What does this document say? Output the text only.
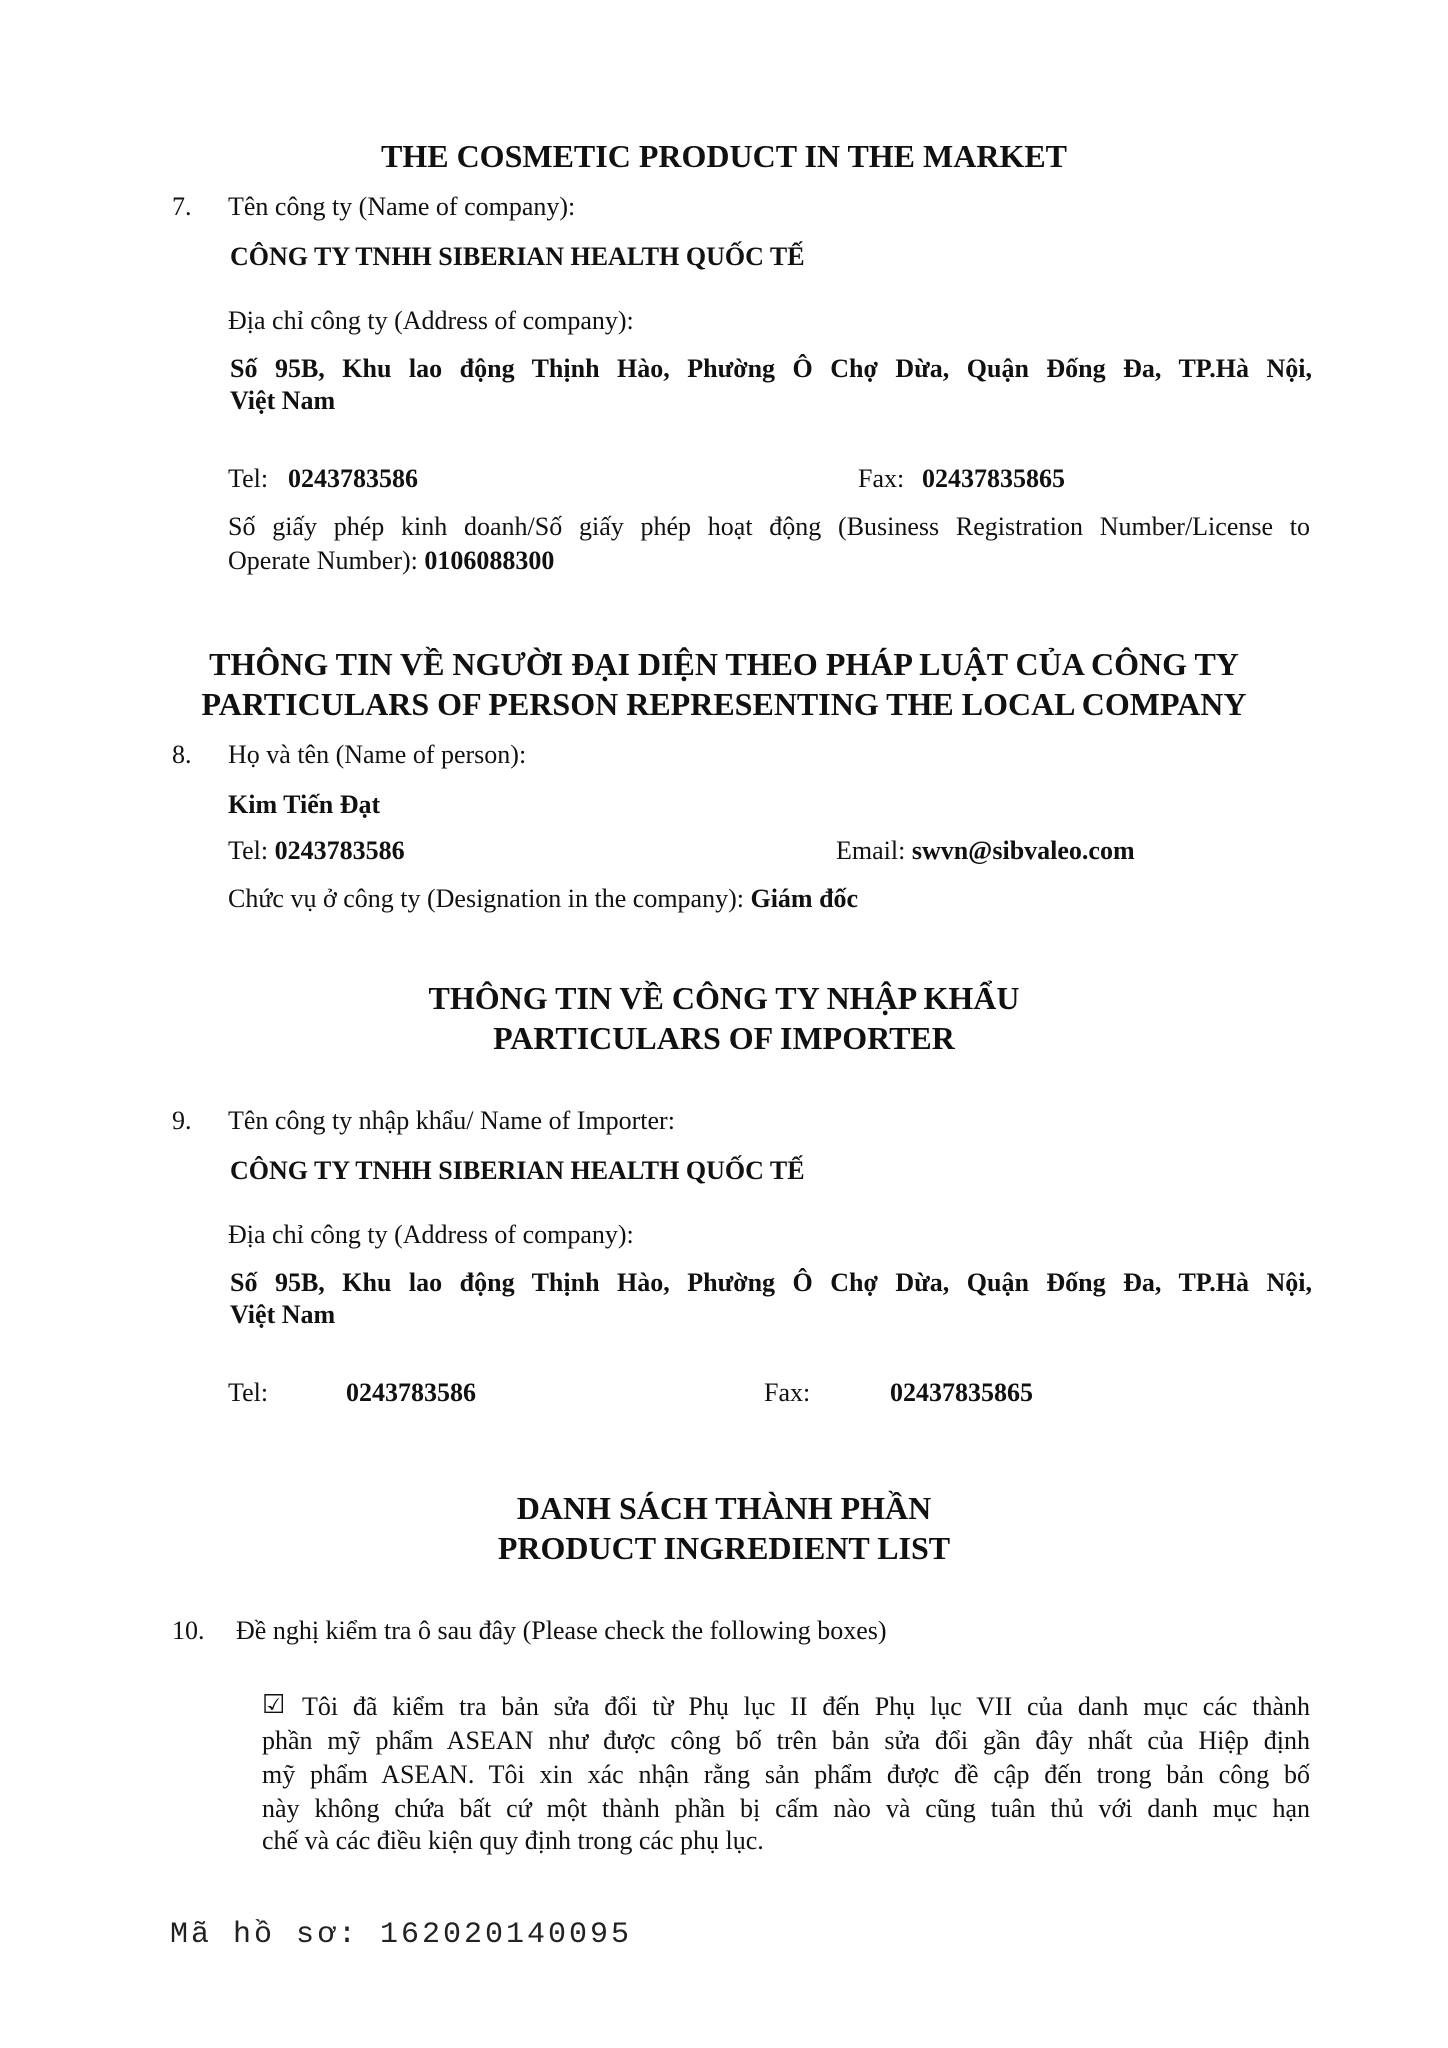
THE COSMETIC PRODUCT IN THE MARKET
7. Tên công ty (Name of company):
CÔNG TY TNHH SIBERIAN HEALTH QUỐC TẾ
Địa chỉ công ty (Address of company):
Số 95B, Khu lao động Thịnh Hào, Phường Ô Chợ Dừa, Quận Đống Đa, TP.Hà Nội,
Việt Nam
Tel: 0243783586	Fax: 02437835865
Số giấy phép kinh doanh/Số giấy phép hoạt động (Business Registration Number/License to
Operate Number): 0106088300
THÔNG TIN VỀ NGƯỜI ĐẠI DIỆN THEO PHÁP LUẬT CỦA CÔNG TY
PARTICULARS OF PERSON REPRESENTING THE LOCAL COMPANY
8. Họ và tên (Name of person):
Kim Tiến Đạt
Tel: 0243783586	Email: swvn@sibvaleo.com
Chức vụ ở công ty (Designation in the company): Giám đốc
THÔNG TIN VỀ CÔNG TY NHẬP KHẨU
PARTICULARS OF IMPORTER
9. Tên công ty nhập khẩu/ Name of Importer:
CÔNG TY TNHH SIBERIAN HEALTH QUỐC TẾ
Địa chỉ công ty (Address of company):
Số 95B, Khu lao động Thịnh Hào, Phường Ô Chợ Dừa, Quận Đống Đa, TP.Hà Nội,
Việt Nam
Tel:	0243783586	Fax:	02437835865
DANH SÁCH THÀNH PHẦN
PRODUCT INGREDIENT LIST
10. Đề nghị kiểm tra ô sau đây (Please check the following boxes)
☑ Tôi đã kiểm tra bản sửa đổi từ Phụ lục II đến Phụ lục VII của danh mục các thành
phần mỹ phẩm ASEAN như được công bố trên bản sửa đổi gần đây nhất của Hiệp định
mỹ phẩm ASEAN. Tôi xin xác nhận rằng sản phẩm được đề cập đến trong bản công bố
này không chứa bất cứ một thành phần bị cấm nào và cũng tuân thủ với danh mục hạn
chế và các điều kiện quy định trong các phụ lục.
Mã hồ sơ: 162020140095
